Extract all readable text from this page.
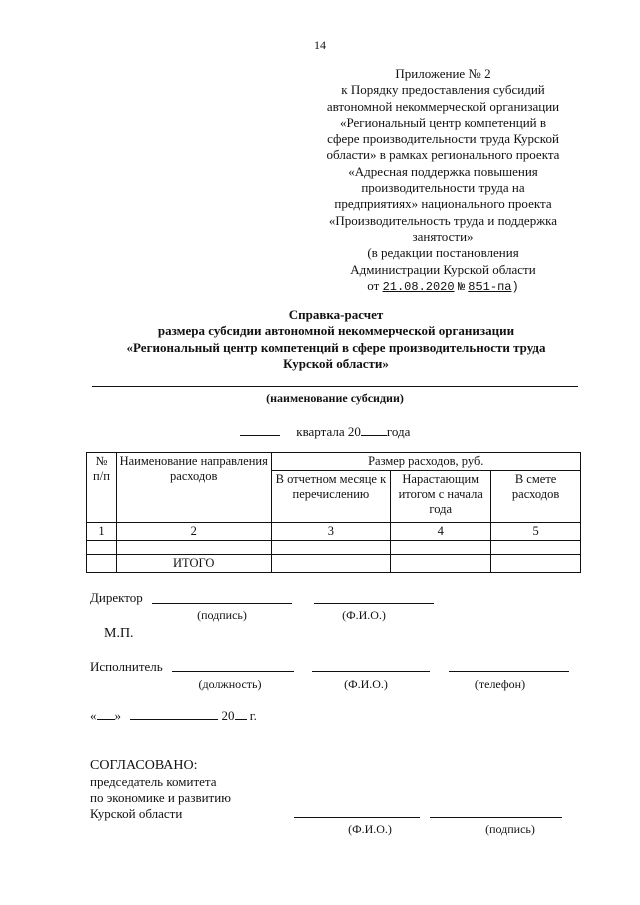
14
Приложение № 2
к Порядку предоставления субсидий
автономной некоммерческой организации
«Региональный центр компетенций в
сфере производительности труда Курской
области» в рамках регионального проекта
«Адресная поддержка повышения
производительности труда на
предприятиях» национального проекта
«Производительность труда и поддержка
занятости»
(в редакции постановления
Администрации Курской области
от 21.08.2020 № 851-па)
Справка-расчет
размера субсидии автономной некоммерческой организации
«Региональный центр компетенций в сфере производительности труда
Курской области»
(наименование субсидии)
квартала 20 года
№ п/п	Наименование направления расходов	Размер расходов, руб.		
		В отчетном месяце к перечислению	Нарастающим итогом с начала года	В смете расходов
1	2	3	4	5

	ИТОГО			
Директор
(подпись)	(Ф.И.О.)
М.П.
Исполнитель
(должность)	(Ф.И.О.)	(телефон)
« »	20 г.
СОГЛАСОВАНО:
председатель комитета
по экономике и развитию
Курской области
(Ф.И.О.)	(подпись)
